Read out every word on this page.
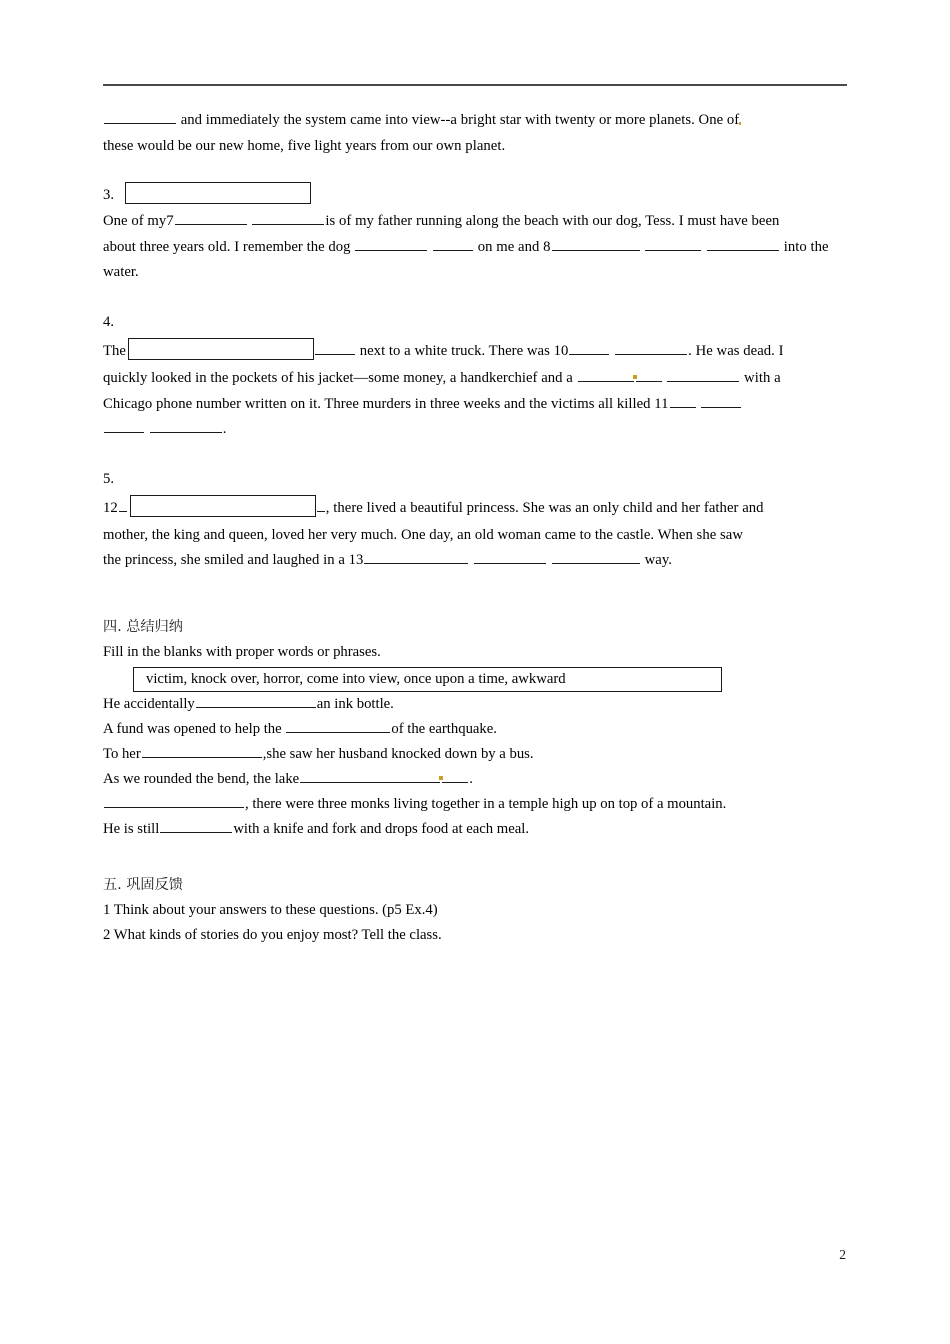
and immediately the system came into view--a bright star with twenty or more planets. One of
these would be our new home, five light years from our own planet.
3.
One of my7	is of my father running along the beach with our dog, Tess. I must have been
about three years old. I remember the dog	on me and 8	into the water.
4.
The	next to a white truck. There was 10	. He was dead. I
quickly looked in the pockets of his jacket—some money, a handkerchief and a	with a
Chicago phone number written on it. Three murders in three weeks and the victims all killed 11
.
5.
12	, there lived a beautiful princess. She was an only child and her father and
mother, the king and queen, loved her very much. One day, an old woman came to the castle. When she saw
the princess, she smiled and laughed in a 13	way.
四. 总结归纳
Fill in the blanks with proper words or phrases.
victim, knock over, horror, come into view, once upon a time, awkward
He accidentally	an ink bottle.
A fund was opened to help the	of the earthquake.
To her	,she saw her husband knocked down by a bus.
As we rounded the bend, the lake	.
, there were three monks living together in a temple high up on top of a mountain.
He is still	with a knife and fork and drops food at each meal.
五. 巩固反馈
1 Think about your answers to these questions. (p5 Ex.4)
2 What kinds of stories do you enjoy most? Tell the class.
2
